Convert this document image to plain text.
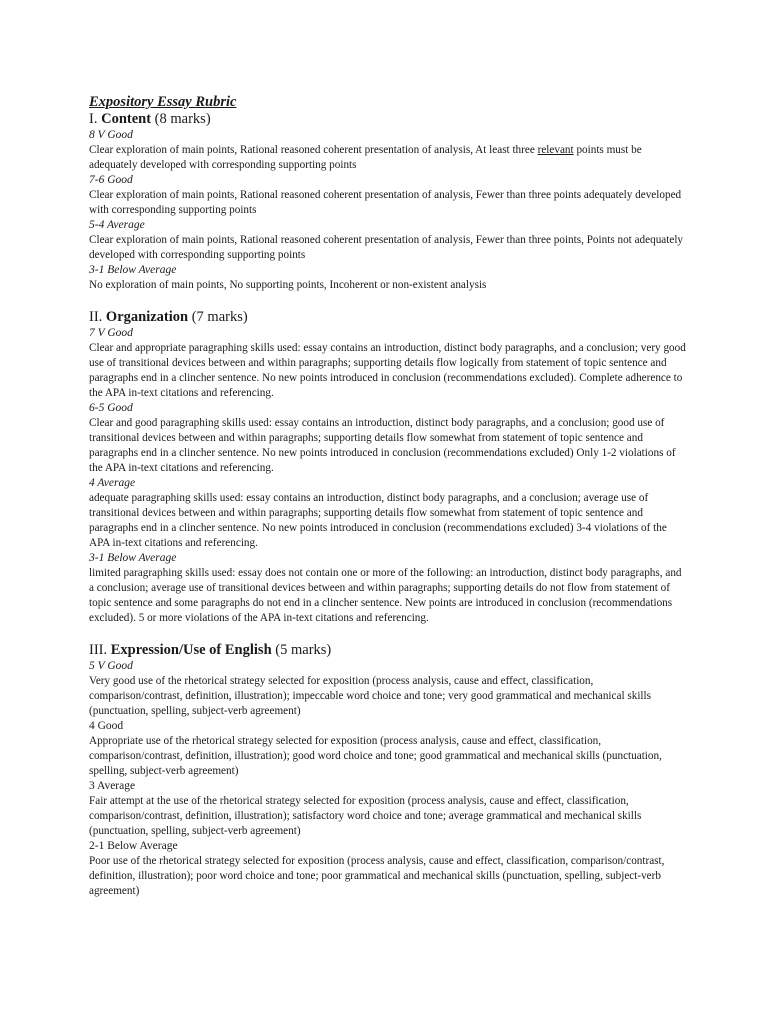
Expository Essay Rubric

I. Content (8 marks)

8 V Good

Clear exploration of main points, Rational reasoned coherent presentation of analysis, At least three relevant points must be adequately developed with corresponding supporting points

7-6 Good

Clear exploration of main points, Rational reasoned coherent presentation of analysis, Fewer than three points adequately developed with corresponding supporting points

5-4 Average

Clear exploration of main points, Rational reasoned coherent presentation of analysis, Fewer than three points, Points not adequately developed with corresponding supporting points

3-1 Below Average

No exploration of main points, No supporting points, Incoherent or non-existent analysis

II. Organization (7 marks)

7 V Good

Clear and appropriate paragraphing skills used: essay contains an introduction, distinct body paragraphs, and a conclusion; very good use of transitional devices between and within paragraphs; supporting details flow logically from statement of topic sentence and paragraphs end in a clincher sentence. No new points introduced in conclusion (recommendations excluded). Complete adherence to the APA in-text citations and referencing.

6-5 Good

Clear and good paragraphing skills used: essay contains an introduction, distinct body paragraphs, and a conclusion; good use of transitional devices between and within paragraphs; supporting details flow somewhat from statement of topic sentence and paragraphs end in a clincher sentence. No new points introduced in conclusion (recommendations excluded) Only 1-2 violations of the APA in-text citations and referencing.

4 Average

adequate paragraphing skills used: essay contains an introduction, distinct body paragraphs, and a conclusion; average use of transitional devices between and within paragraphs; supporting details flow somewhat from statement of topic sentence and paragraphs end in a clincher sentence. No new points introduced in conclusion (recommendations excluded) 3-4 violations of the APA in-text citations and referencing.

3-1 Below Average

limited paragraphing skills used: essay does not contain one or more of the following: an introduction, distinct body paragraphs, and a conclusion; average use of transitional devices between and within paragraphs; supporting details do not flow from statement of topic sentence and some paragraphs do not end in a clincher sentence. New points are introduced in conclusion (recommendations excluded). 5 or more violations of the APA in-text citations and referencing.

III. Expression/Use of English (5 marks)

5 V Good

Very good use of the rhetorical strategy selected for exposition (process analysis, cause and effect, classification, comparison/contrast, definition, illustration); impeccable word choice and tone; very good grammatical and mechanical skills (punctuation, spelling, subject-verb agreement)

4 Good

Appropriate use of the rhetorical strategy selected for exposition (process analysis, cause and effect, classification, comparison/contrast, definition, illustration); good word choice and tone; good grammatical and mechanical skills (punctuation, spelling, subject-verb agreement)

3 Average

Fair attempt at the use of the rhetorical strategy selected for exposition (process analysis, cause and effect, classification, comparison/contrast, definition, illustration); satisfactory word choice and tone; average grammatical and mechanical skills (punctuation, spelling, subject-verb agreement)

2-1 Below Average

Poor use of the rhetorical strategy selected for exposition (process analysis, cause and effect, classification, comparison/contrast, definition, illustration); poor word choice and tone; poor grammatical and mechanical skills (punctuation, spelling, subject-verb agreement)
